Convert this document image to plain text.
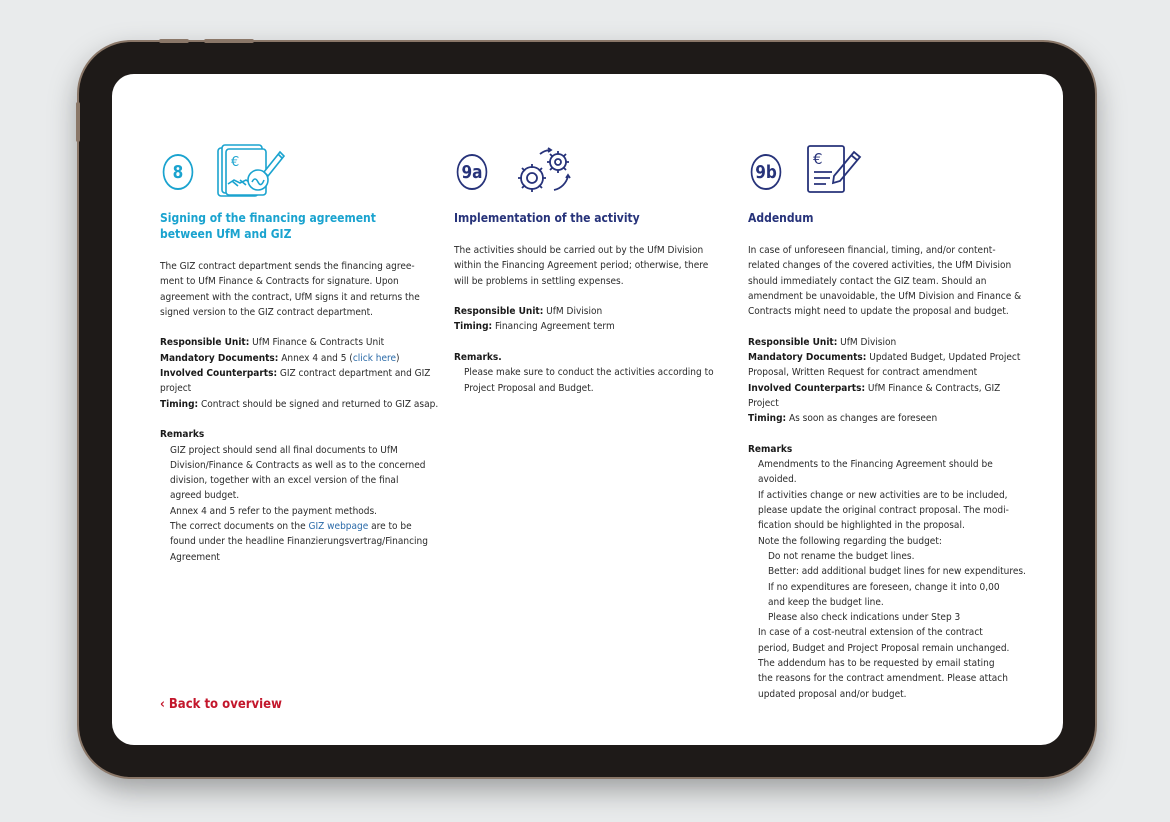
8	€
Signing of the financing agreement
between UfM and GIZ

The GIZ contract department sends the financing agree-

ment to UfM Finance & Contracts for signature. Upon

agreement with the contract, UfM signs it and returns the

signed version to the GIZ contract department.

Responsible Unit: UfM Finance & Contracts Unit

Mandatory Documents: Annex 4 and 5 (click here)

Involved Counterparts: GIZ contract department and GIZ

project

Timing: Contract should be signed and returned to GIZ asap.

Remarks

GIZ project should send all final documents to UfM

Division/Finance & Contracts as well as to the concerned

division, together with an excel version of the final

agreed budget.

Annex 4 and 5 refer to the payment methods.

The correct documents on the GIZ webpage are to be

found under the headline Finanzierungsvertrag/Financing

Agreement

9a
Implementation of the activity

The activities should be carried out by the UfM Division

within the Financing Agreement period; otherwise, there

will be problems in settling expenses.

Responsible Unit: UfM Division

Timing: Financing Agreement term

Remarks.

Please make sure to conduct the activities according to

Project Proposal and Budget.

9b
€
Addendum

In case of unforeseen financial, timing, and/or content-

related changes of the covered activities, the UfM Division

should immediately contact the GIZ team. Should an

amendment be unavoidable, the UfM Division and Finance &

Contracts might need to update the proposal and budget.

Responsible Unit: UfM Division

Mandatory Documents: Updated Budget, Updated Project

Proposal, Written Request for contract amendment

Involved Counterparts: UfM Finance & Contracts, GIZ Project

Timing: As soon as changes are foreseen

Remarks

Amendments to the Financing Agreement should be

avoided.

If activities change or new activities are to be included,

please update the original contract proposal. The modi-

fication should be highlighted in the proposal.

Note the following regarding the budget:

Do not rename the budget lines.

Better: add additional budget lines for new expenditures.

If no expenditures are foreseen, change it into 0,00

and keep the budget line.

Please also check indications under Step 3

In case of a cost-neutral extension of the contract

period, Budget and Project Proposal remain unchanged.

The addendum has to be requested by email stating

the reasons for the contract amendment. Please attach

updated proposal and/or budget.

‹ Back to overview
